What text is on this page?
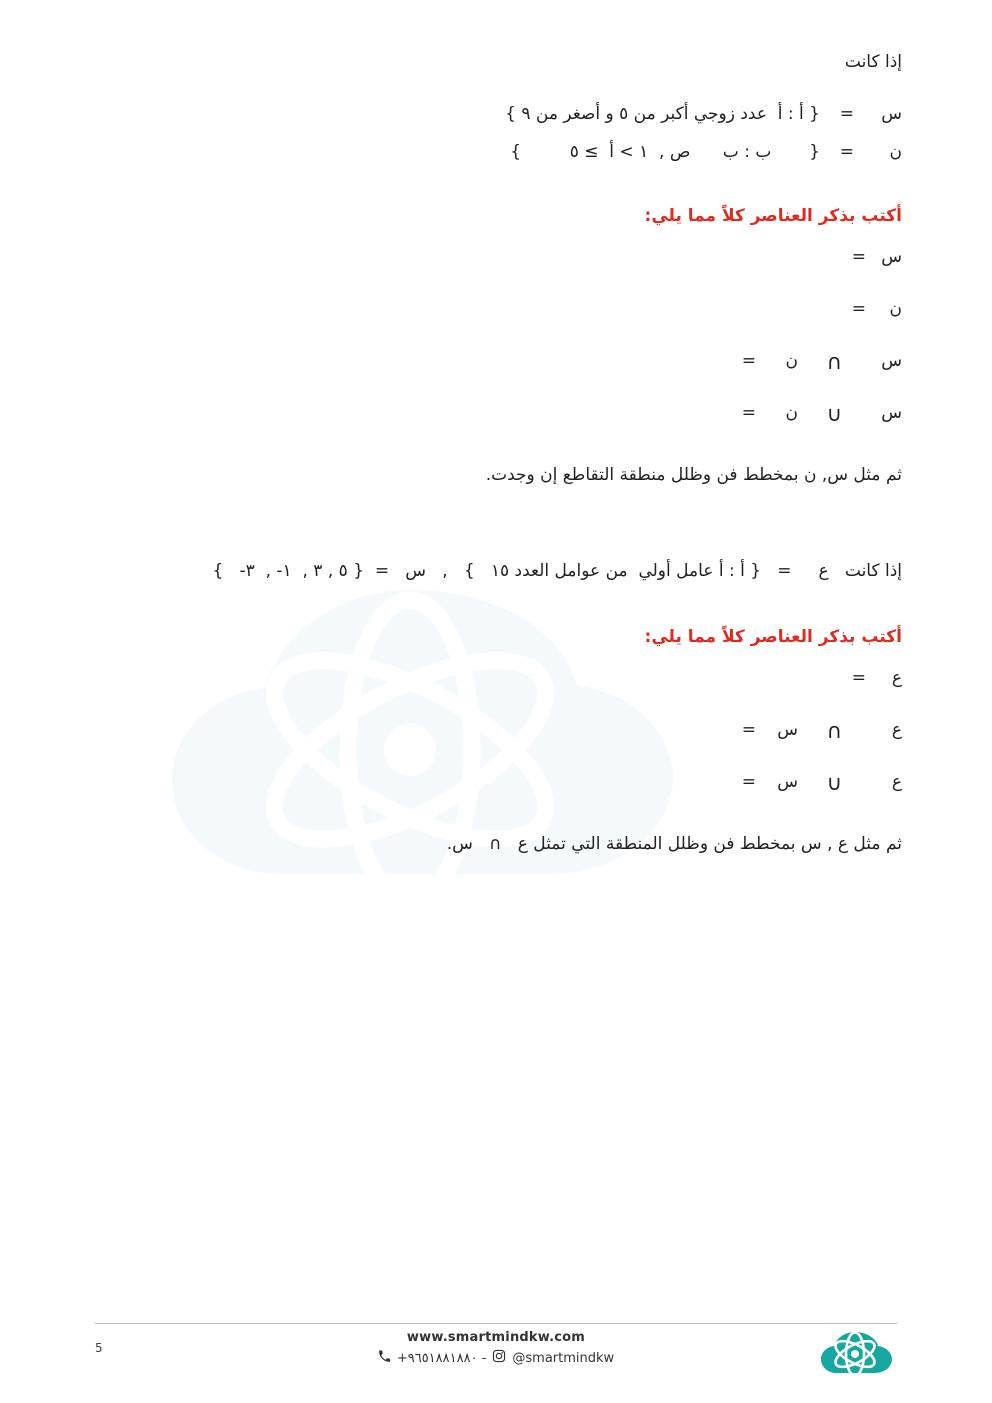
إذا كانت
س
=
{ أ : أ  عدد زوجي أكبر من ٥ و أصغر من ٩ }
ن
=
{       ب : ب      ص ,  ١ > أ  ≥ ٥         }
أكتب بذكر العناصر كلاً مما يلي:
س
=
ن
=
س
∩
ن
=
س
∪
ن
=
ثم مثل س, ن بمخطط فن وظلل منطقة التقاطع إن وجدت.
إذا كانت   ع     =   { أ : أ عامل أولي  من عوامل العدد ١٥   }   ,   س   =  { ٥ , ٣ ,  ١- ,  ٣-   }
أكتب بذكر العناصر كلاً مما يلي:
ع
=
ع
∩
س
=
ع
∪
س
=
ثم مثل ع , س بمخطط فن وظلل المنطقة التي تمثل ع   ∩   س.
5
www.smartmindkw.com
+٩٦٥١٨٨١٨٨٠ - @smartmindkw
